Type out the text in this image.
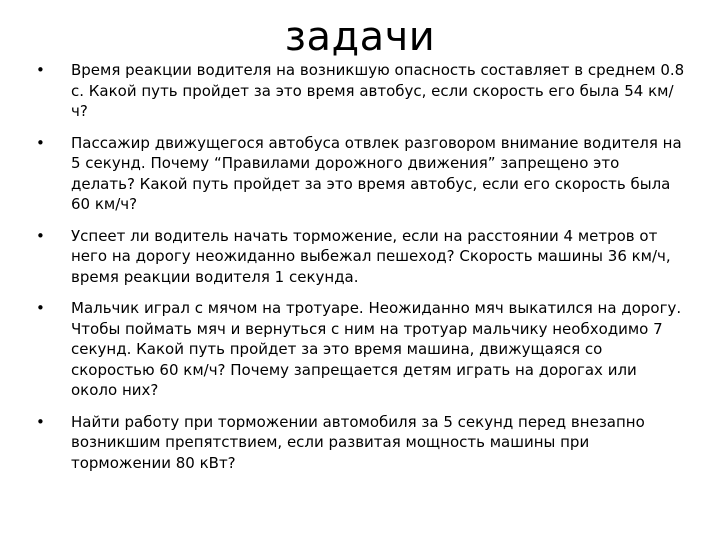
задачи
• Время реакции водителя на возникшую опасность составляет в среднем 0.8 с. Какой путь пройдет за это время автобус, если скорость его была 54 км/ч?
• Пассажир движущегося автобуса отвлек разговором внимание водителя на 5 секунд. Почему “Правилами дорожного движения” запрещено это делать? Какой путь пройдет за это время автобус, если его скорость была 60 км/ч?
• Успеет ли водитель начать торможение, если на расстоянии 4 метров от него на дорогу неожиданно выбежал пешеход? Скорость машины 36 км/ч, время реакции водителя 1 секунда.
• Мальчик играл с мячом на тротуаре. Неожиданно мяч выкатился на дорогу. Чтобы поймать мяч и вернуться с ним на тротуар мальчику необходимо 7 секунд. Какой путь пройдет за это время машина, движущаяся со скоростью 60 км/ч? Почему запрещается детям играть на дорогах или около них?
• Найти работу при торможении автомобиля за 5 секунд перед внезапно возникшим препятствием, если развитая мощность машины при торможении 80 кВт?
